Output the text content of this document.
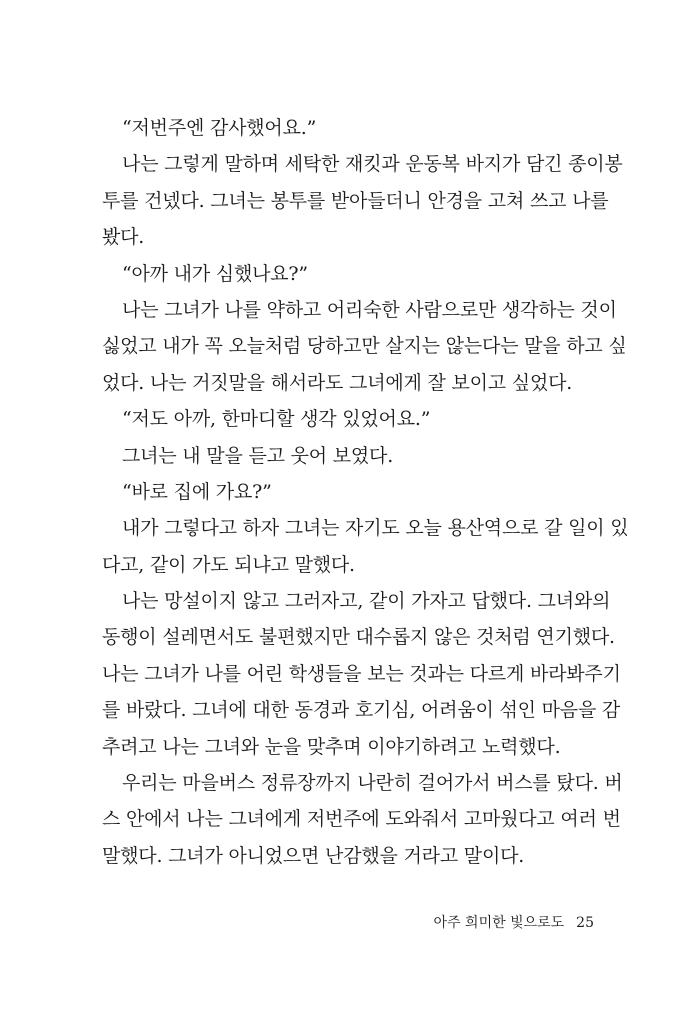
“저번주엔 감사했어요.”
나는 그렇게 말하며 세탁한 재킷과 운동복 바지가 담긴 종이봉
투를 건넸다. 그녀는 봉투를 받아들더니 안경을 고쳐 쓰고 나를
봤다.
“아까 내가 심했나요?”
나는 그녀가 나를 약하고 어리숙한 사람으로만 생각하는 것이
싫었고 내가 꼭 오늘처럼 당하고만 살지는 않는다는 말을 하고 싶
었다. 나는 거짓말을 해서라도 그녀에게 잘 보이고 싶었다.
“저도 아까, 한마디할 생각 있었어요.”
그녀는 내 말을 듣고 웃어 보였다.
“바로 집에 가요?”
내가 그렇다고 하자 그녀는 자기도 오늘 용산역으로 갈 일이 있
다고, 같이 가도 되냐고 말했다.
나는 망설이지 않고 그러자고, 같이 가자고 답했다. 그녀와의
동행이 설레면서도 불편했지만 대수롭지 않은 것처럼 연기했다.
나는 그녀가 나를 어린 학생들을 보는 것과는 다르게 바라봐주기
를 바랐다. 그녀에 대한 동경과 호기심, 어려움이 섞인 마음을 감
추려고 나는 그녀와 눈을 맞추며 이야기하려고 노력했다.
우리는 마을버스 정류장까지 나란히 걸어가서 버스를 탔다. 버
스 안에서 나는 그녀에게 저번주에 도와줘서 고마웠다고 여러 번
말했다. 그녀가 아니었으면 난감했을 거라고 말이다.
아주 희미한 빛으로도 25
